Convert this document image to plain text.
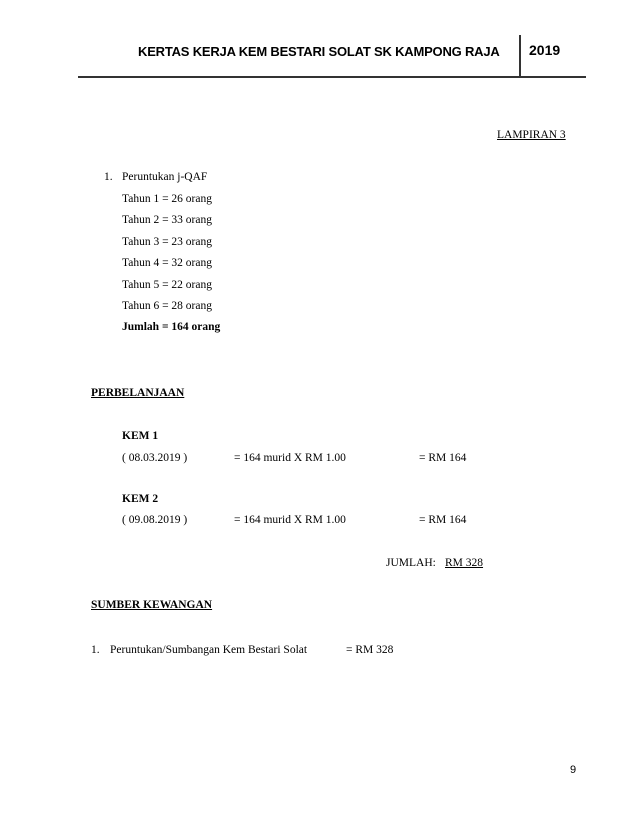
KERTAS KERJA KEM BESTARI SOLAT SK KAMPONG RAJA 2019
LAMPIRAN 3
1. Peruntukan j-QAF
Tahun 1 = 26 orang
Tahun 2 = 33 orang
Tahun 3 = 23 orang
Tahun 4 = 32 orang
Tahun 5 = 22 orang
Tahun 6 = 28 orang
Jumlah = 164 orang
PERBELANJAAN
KEM 1
( 08.03.2019 )	= 164 murid X RM 1.00	= RM 164
KEM 2
( 09.08.2019 )	= 164 murid X RM 1.00	= RM 164
JUMLAH: RM 328
SUMBER KEWANGAN
1. Peruntukan/Sumbangan Kem Bestari Solat	= RM 328
9
